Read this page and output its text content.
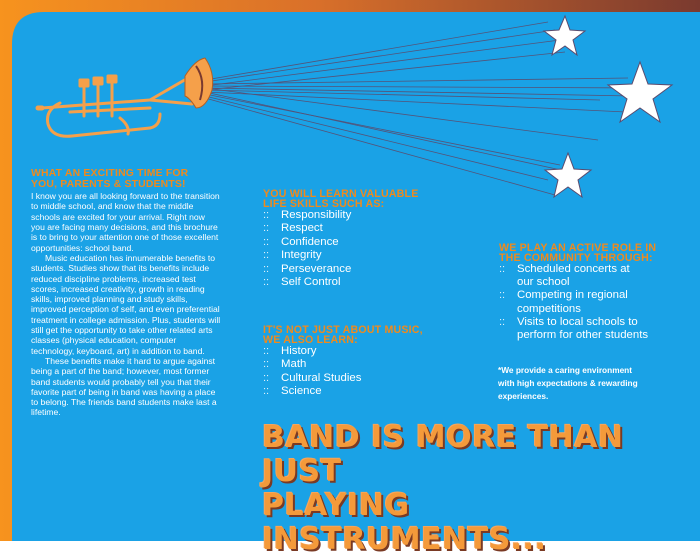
WHAT AN EXCITING TIME FOR
YOU, PARENTS & STUDENTS!

I know you are all looking forward to the transition to middle school, and know that the middle schools are excited for your arrival. Right now you are facing many decisions, and this brochure is to bring to your attention one of those excellent opportunities: school band.

Music education has innumerable benefits to students. Studies show that its benefits include reduced discipline problems, increased test scores, increased creativity, growth in reading skills, improved planning and study skills, improved perception of self, and even preferential treatment in college admission. Plus, students will still get the opportunity to take other related arts classes (physical education, computer technology, keyboard, art) in addition to band.

These benefits make it hard to argue against being a part of the band; however, most former band students would probably tell you that their favorite part of being in band was having a place to belong. The friends band students make last a lifetime.

YOU WILL LEARN VALUABLE
LIFE SKILLS SUCH AS:
:: Responsibility
:: Respect
:: Confidence
:: Integrity
:: Perseverance
:: Self Control
IT'S NOT JUST ABOUT MUSIC,
WE ALSO LEARN:
:: History
:: Math
:: Cultural Studies
:: Science
WE PLAY AN ACTIVE ROLE IN
THE COMMUNITY THROUGH:
:: Scheduled concerts at
our school
:: Competing in regional
competitions
:: Visits to local schools to
perform for other students
*We provide a caring environment
with high expectations & rewarding
experiences.
BAND IS MORE THAN JUST
PLAYING INSTRUMENTS...
